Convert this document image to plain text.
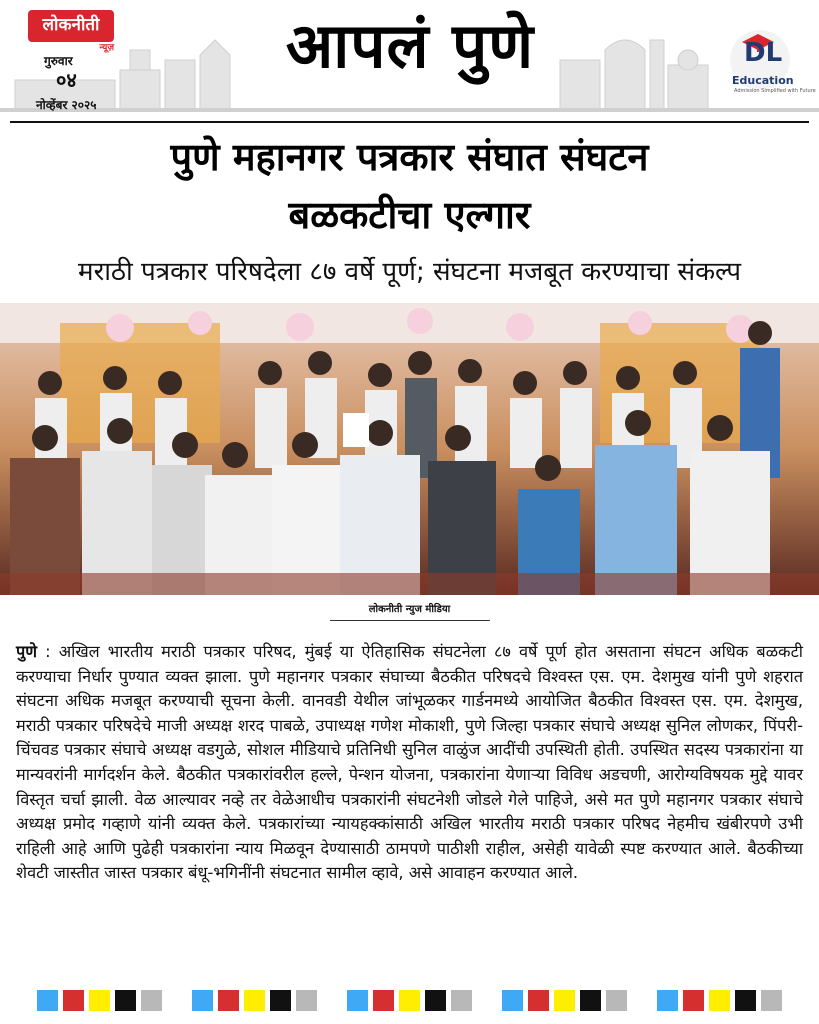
लोकनीती
न्यूज़
गुरुवार
०४
नोव्हेंबर २०२५
आपलं पुणे	DL
Education
Admission Simplified with Future
पुणे महानगर पत्रकार संघात संघटन
बळकटीचा एल्गार
मराठी पत्रकार परिषदेला ८७ वर्षे पूर्ण; संघटना मजबूत करण्याचा संकल्प
लोकनीती न्युज मीडिया
पुणे : अखिल भारतीय मराठी पत्रकार परिषद, मुंबई या ऐतिहासिक संघटनेला ८७ वर्षे पूर्ण होत असताना संघटन अधिक बळकटी करण्याचा निर्धार पुण्यात व्यक्त झाला. पुणे महानगर पत्रकार संघाच्या बैठकीत परिषदचे विश्वस्त एस. एम. देशमुख यांनी पुणे शहरात संघटना अधिक मजबूत करण्याची सूचना केली. वानवडी येथील जांभूळकर गार्डनमध्ये आयोजित बैठकीत विश्वस्त एस. एम. देशमुख, मराठी पत्रकार परिषदेचे माजी अध्यक्ष शरद पाबळे, उपाध्यक्ष गणेश मोकाशी, पुणे जिल्हा पत्रकार संघाचे अध्यक्ष सुनिल लोणकर, पिंपरी-चिंचवड पत्रकार संघाचे अध्यक्ष वडगुळे, सोशल मीडियाचे प्रतिनिधी सुनिल वाळुंज आदींची उपस्थिती होती. उपस्थित सदस्य पत्रकारांना या मान्यवरांनी मार्गदर्शन केले. बैठकीत पत्रकारांवरील हल्ले, पेन्शन योजना, पत्रकारांना येणाऱ्या विविध अडचणी, आरोग्यविषयक मुद्दे यावर विस्तृत चर्चा झाली. वेळ आल्यावर नव्हे तर वेळेआधीच पत्रकारांनी संघटनेशी जोडले गेले पाहिजे, असे मत पुणे महानगर पत्रकार संघाचे अध्यक्ष प्रमोद गव्हाणे यांनी व्यक्त केले. पत्रकारांच्या न्यायहक्कांसाठी अखिल भारतीय मराठी पत्रकार परिषद नेहमीच खंबीरपणे उभी राहिली आहे आणि पुढेही पत्रकारांना न्याय मिळवून देण्यासाठी ठामपणे पाठीशी राहील, असेही यावेळी स्पष्ट करण्यात आले. बैठकीच्या शेवटी जास्तीत जास्त पत्रकार बंधू-भगिनींनी संघटनात सामील व्हावे, असे आवाहन करण्यात आले.
